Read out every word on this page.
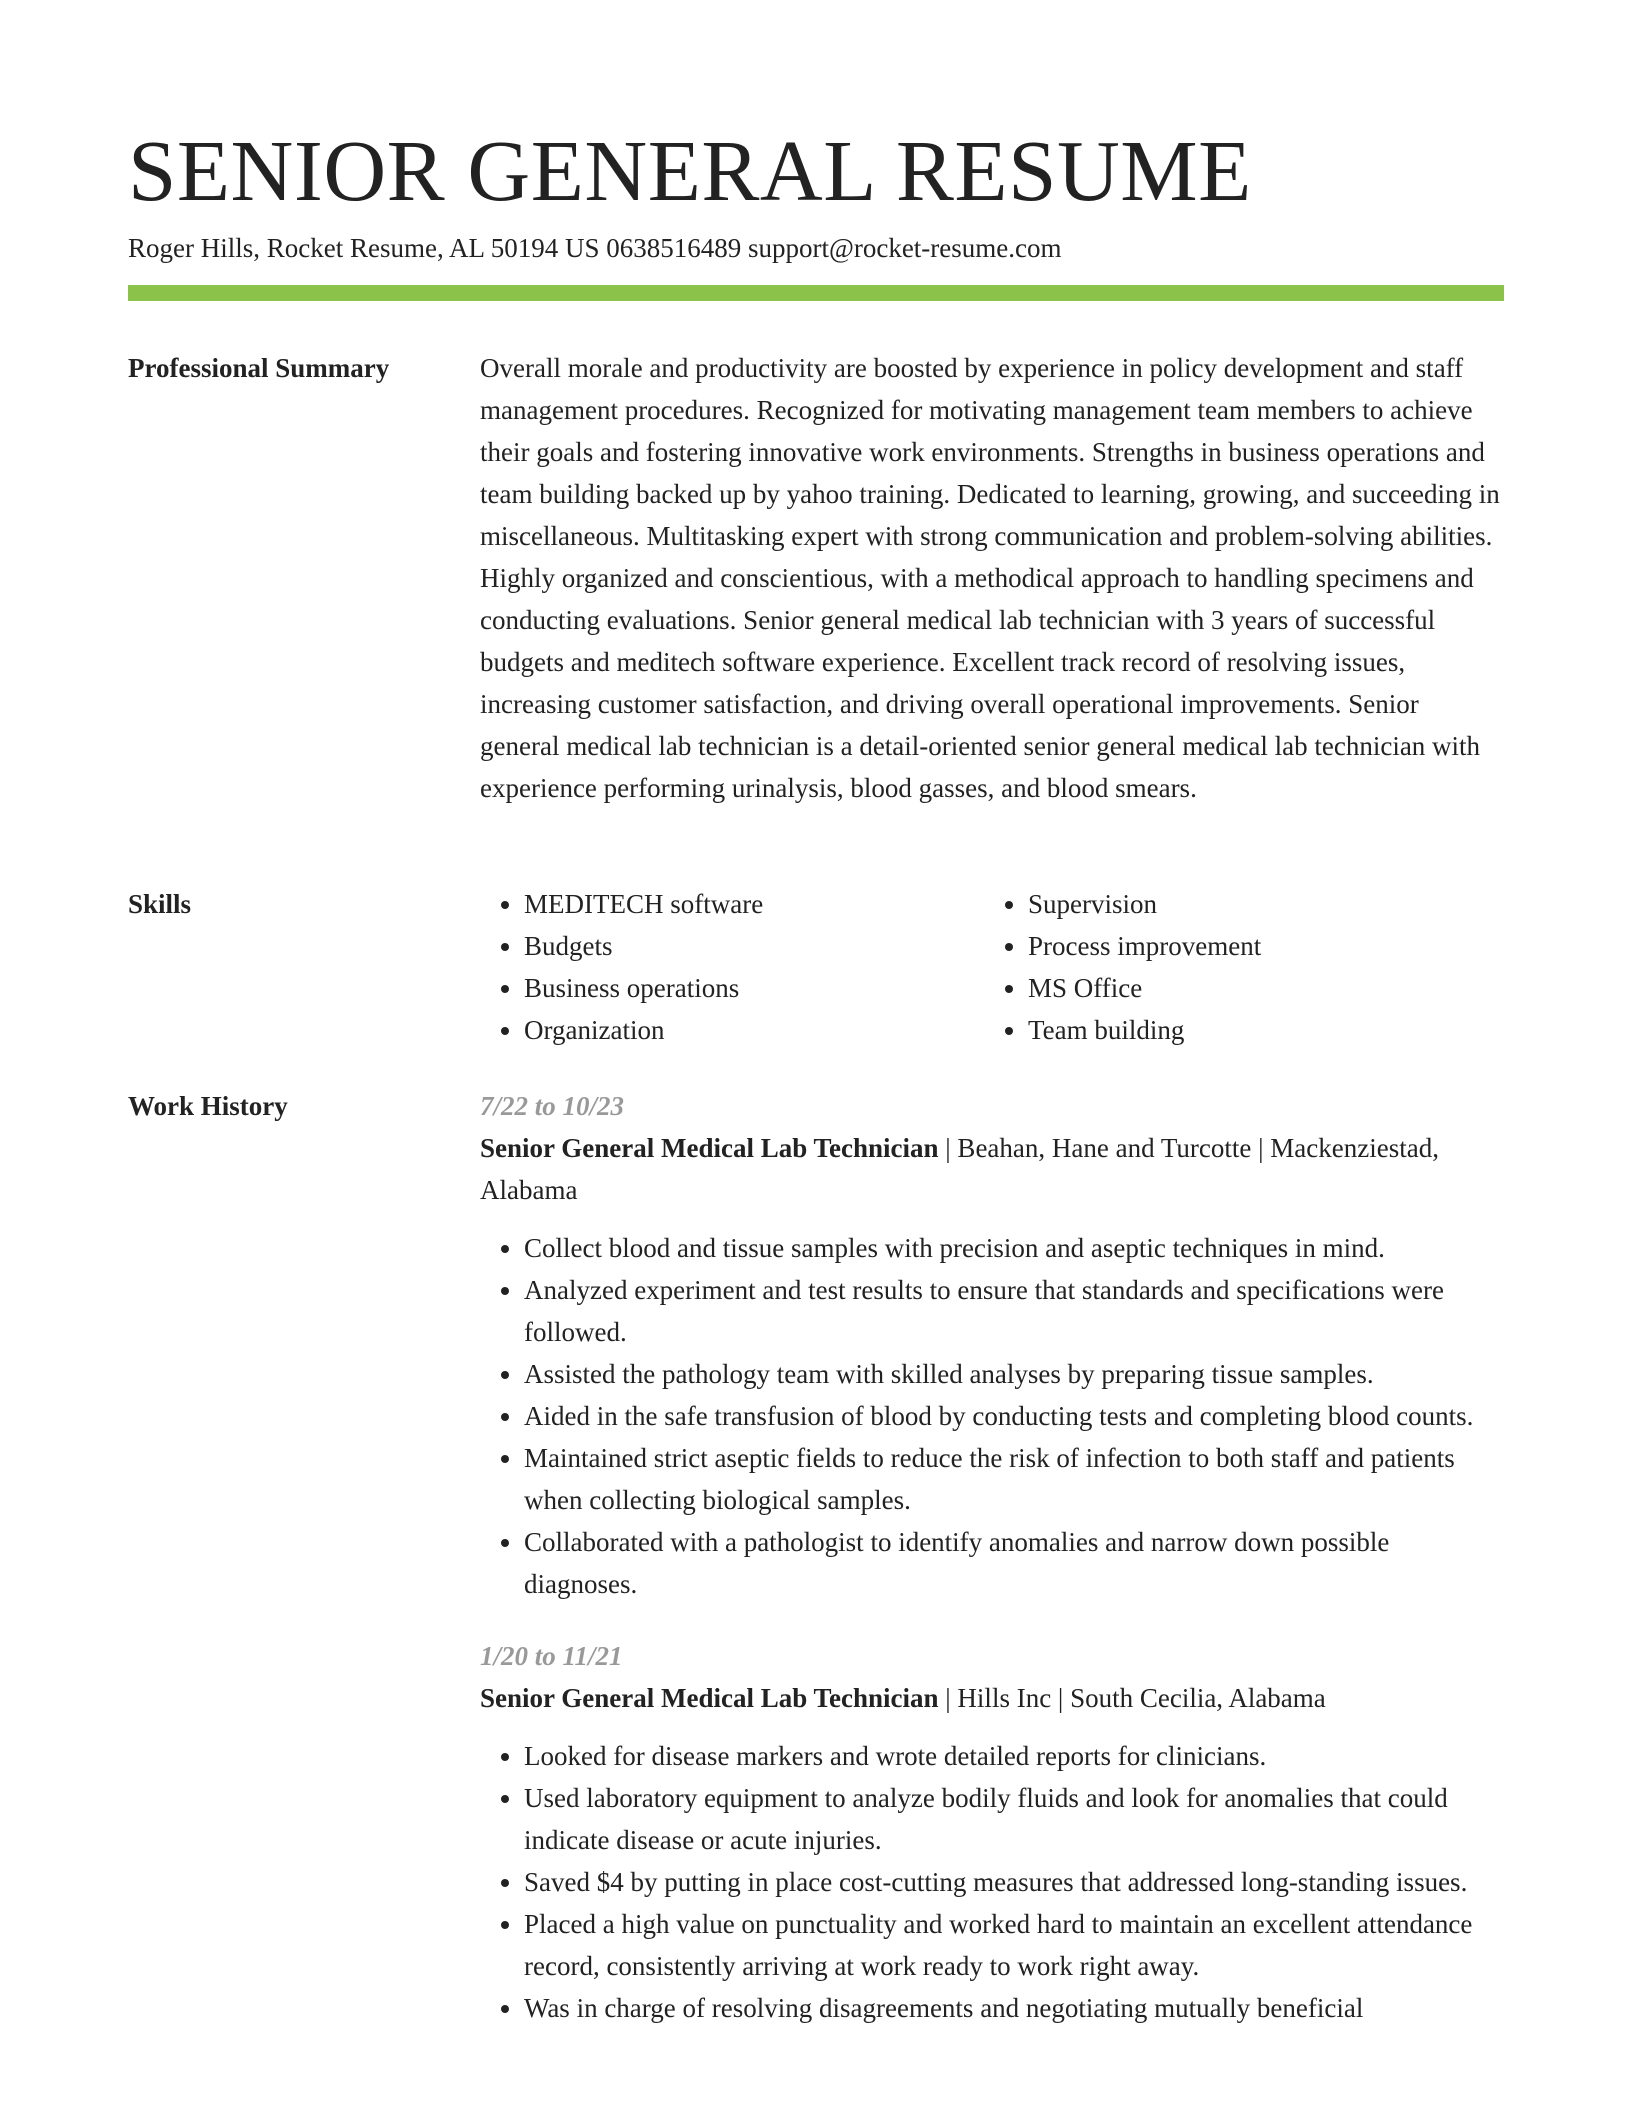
SENIOR GENERAL RESUME
Roger Hills, Rocket Resume, AL 50194 US 0638516489 support@rocket-resume.com
Professional Summary	Overall morale and productivity are boosted by experience in policy development and staff management procedures. Recognized for motivating management team members to achieve their goals and fostering innovative work environments. Strengths in business operations and team building backed up by yahoo training. Dedicated to learning, growing, and succeeding in miscellaneous. Multitasking expert with strong communication and problem-solving abilities. Highly organized and conscientious, with a methodical approach to handling specimens and conducting evaluations. Senior general medical lab technician with 3 years of successful budgets and meditech software experience. Excellent track record of resolving issues, increasing customer satisfaction, and driving overall operational improvements. Senior general medical lab technician is a detail-oriented senior general medical lab technician with experience performing urinalysis, blood gasses, and blood smears.

Skills
•	MEDITECH software
• Budgets
• Business operations
• Organization
• Supervision
• Process improvement
• MS Office
• Team building
Work History	7/22 to 10/23
Senior General Medical Lab Technician | Beahan, Hane and Turcotte | Mackenziestad, Alabama
• Collect blood and tissue samples with precision and aseptic techniques in mind.
• Analyzed experiment and test results to ensure that standards and specifications were followed.
• Assisted the pathology team with skilled analyses by preparing tissue samples.
• Aided in the safe transfusion of blood by conducting tests and completing blood counts.
• Maintained strict aseptic fields to reduce the risk of infection to both staff and patients when collecting biological samples.
• Collaborated with a pathologist to identify anomalies and narrow down possible diagnoses.
1/20 to 11/21
Senior General Medical Lab Technician | Hills Inc | South Cecilia, Alabama
• Looked for disease markers and wrote detailed reports for clinicians.
• Used laboratory equipment to analyze bodily fluids and look for anomalies that could indicate disease or acute injuries.
• Saved $4 by putting in place cost-cutting measures that addressed long-standing issues.
• Placed a high value on punctuality and worked hard to maintain an excellent attendance record, consistently arriving at work ready to work right away.
• Was in charge of resolving disagreements and negotiating mutually beneficial
